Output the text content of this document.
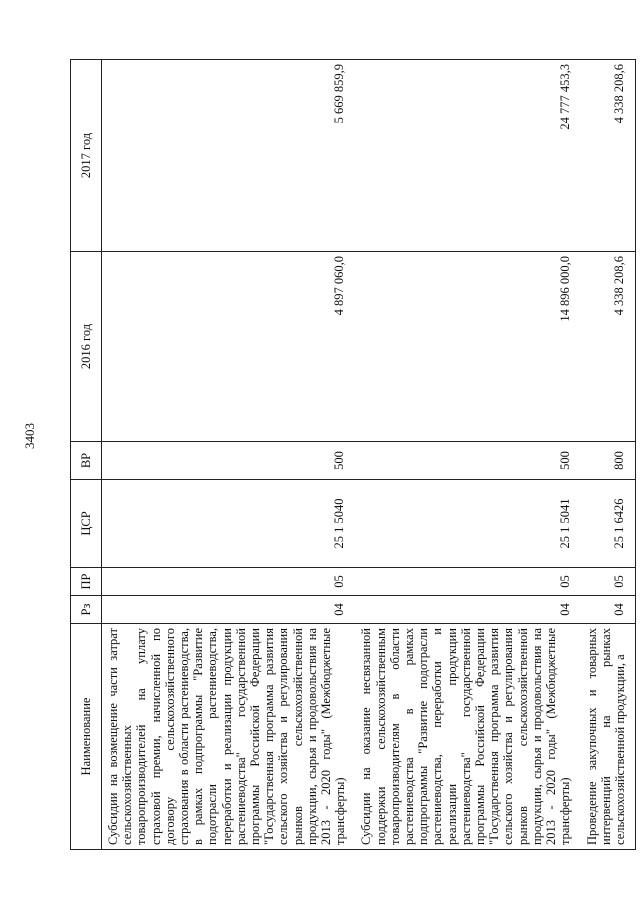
3403
Наименование	Рз	ПР	ЦСР	ВР	2016 год	2017 год
Субсидии на возмещение части затрат сельскохозяйственных товаропроизводителей на уплату страховой премии, начисленной по договору сельскохозяйственного страхования в области растениеводства, в рамках подпрограммы "Развитие подотрасли растениеводства, переработки и реализации продукции растениеводства" государственной программы Российской Федерации "Государственная программа развития сельского хозяйства и регулирования рынков сельскохозяйственной продукции, сырья и продовольствия на 2013 - 2020 годы" (Межбюджетные трансферты)	04	05	25 1 5040	500	4 897 060,0	5 669 859,9
Субсидии на оказание несвязанной поддержки сельскохозяйственным товаропроизводителям в области растениеводства в рамках подпрограммы "Развитие подотрасли растениеводства, переработки и реализации продукции растениеводства" государственной программы Российской Федерации "Государственная программа развития сельского хозяйства и регулирования рынков сельскохозяйственной продукции, сырья и продовольствия на 2013 - 2020 годы" (Межбюджетные трансферты)	04	05	25 1 5041	500	14 896 000,0	24 777 453,3
Проведение закупочных и товарных интервенций на рынках сельскохозяйственной продукции, а	04	05	25 1 6426	800	4 338 208,6	4 338 208,6
